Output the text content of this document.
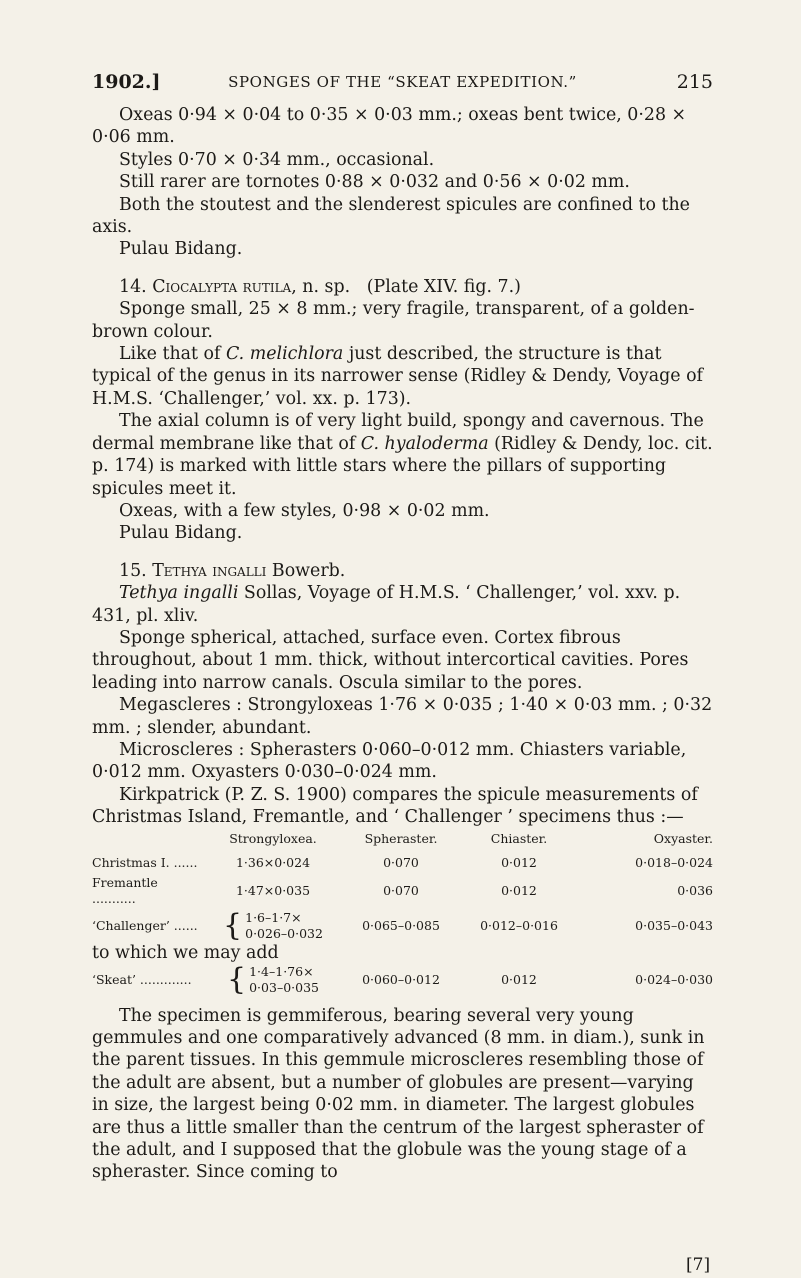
1902.]	SPONGES OF THE “SKEAT EXPEDITION.”	215

Oxeas 0·94 × 0·04 to 0·35 × 0·03 mm.; oxeas bent twice, 0·28 ×

0·06 mm.

Styles 0·70 × 0·34 mm., occasional.

Still rarer are tornotes 0·88 × 0·032 and 0·56 × 0·02 mm.

Both the stoutest and the slenderest spicules are confined to the axis.

Pulau Bidang.

14. Ciocalypta rutila, n. sp. (Plate XIV. fig. 7.)

Sponge small, 25 × 8 mm.; very fragile, transparent, of a golden-brown colour.

Like that of C. melichlora just described, the structure is that typical of the genus in its narrower sense (Ridley & Dendy, Voyage of H.M.S. ‘Challenger,’ vol. xx. p. 173).

The axial column is of very light build, spongy and cavernous. The dermal membrane like that of C. hyaloderma (Ridley & Dendy, loc. cit. p. 174) is marked with little stars where the pillars of supporting spicules meet it.

Oxeas, with a few styles, 0·98 × 0·02 mm.

Pulau Bidang.

15. Tethya ingalli Bowerb.

Tethya ingalli Sollas, Voyage of H.M.S. ‘ Challenger,’ vol. xxv. p. 431, pl. xliv.

Sponge spherical, attached, surface even. Cortex fibrous throughout, about 1 mm. thick, without intercortical cavities. Pores leading into narrow canals. Oscula similar to the pores.

Megascleres : Strongyloxeas 1·76 × 0·035 ; 1·40 × 0·03 mm. ; 0·32 mm. ; slender, abundant.

Microscleres : Spherasters 0·060–0·012 mm. Chiasters variable, 0·012 mm. Oxyasters 0·030–0·024 mm.

Kirkpatrick (P. Z. S. 1900) compares the spicule measurements of Christmas Island, Fremantle, and ‘ Challenger ’ specimens thus :—

	Strongyloxea.	Spheraster.	Chiaster.	Oxyaster.
Christmas I. ......	1·36×0·024	0·070	0·012	0·018–0·024
Fremantle ...........	1·47×0·035	0·070	0·012	0·036
‘Challenger’ ......	{ 1·6–1·7×
0·026–0·032	0·065–0·085	0·012–0·016	0·035–0·043
to which we may add				
‘Skeat’ .............	{ 1·4–1·76×
0·03–0·035	0·060–0·012	0·012	0·024–0·030

The specimen is gemmiferous, bearing several very young gemmules and one comparatively advanced (8 mm. in diam.), sunk in the parent tissues. In this gemmule microscleres resembling those of the adult are absent, but a number of globules are present—varying in size, the largest being 0·02 mm. in diameter. The largest globules are thus a little smaller than the centrum of the largest spheraster of the adult, and I supposed that the globule was the young stage of a spheraster. Since coming to

[7]
